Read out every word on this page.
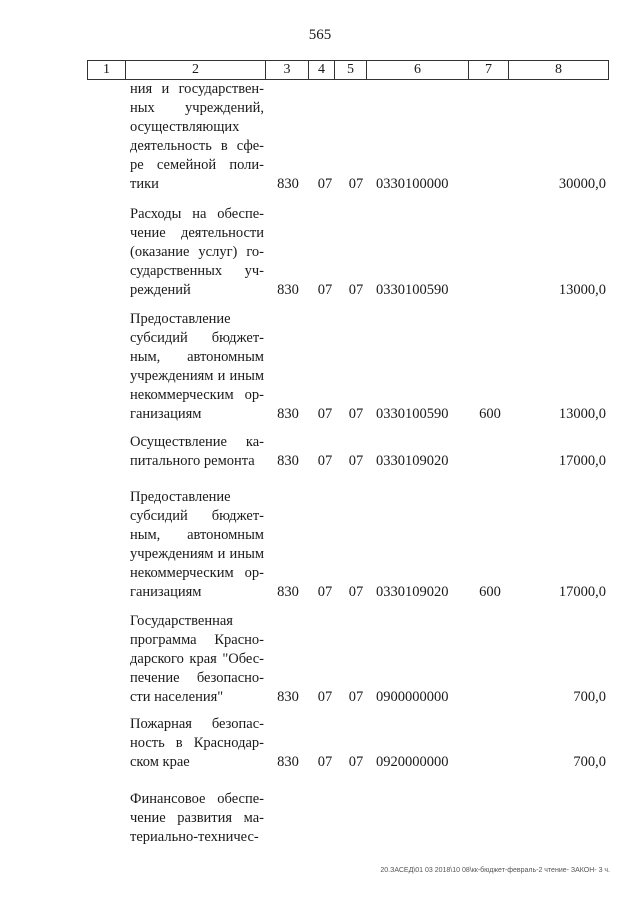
565
1	2	3	4	5	6	7	8
ния и государствен-
ных учреждений,
осуществляющих
деятельность в сфе-
ре семейной поли-
тики	830	07	07 0330100000	30000,0
Расходы на обеспе-
чение деятельности
(оказание услуг) го-
сударственных уч-
реждений	830	07	07 0330100590	13000,0
Предоставление
субсидий бюджет-
ным, автономным
учреждениям и иным
некоммерческим ор-
ганизациям	830	07	07 0330100590	600	13000,0
Осуществление ка-
питального ремонта	830	07	07 0330109020	17000,0
Предоставление
субсидий бюджет-
ным, автономным
учреждениям и иным
некоммерческим ор-
ганизациям	830	07	07 0330109020	600	17000,0
Государственная
программа Красно-
дарского края "Обес-
печение безопасно-
сти населения"	830	07	07 0900000000	700,0
Пожарная безопас-
ность в Краснодар-
ском крае	830	07	07 0920000000	700,0
Финансовое обеспе-
чение развития ма-
териально-техничес-
20.ЗАСЕД\01 03 2018\10 08\кк-бюджет-февраль-2 чтение- ЗАКОН- 3 ч.
